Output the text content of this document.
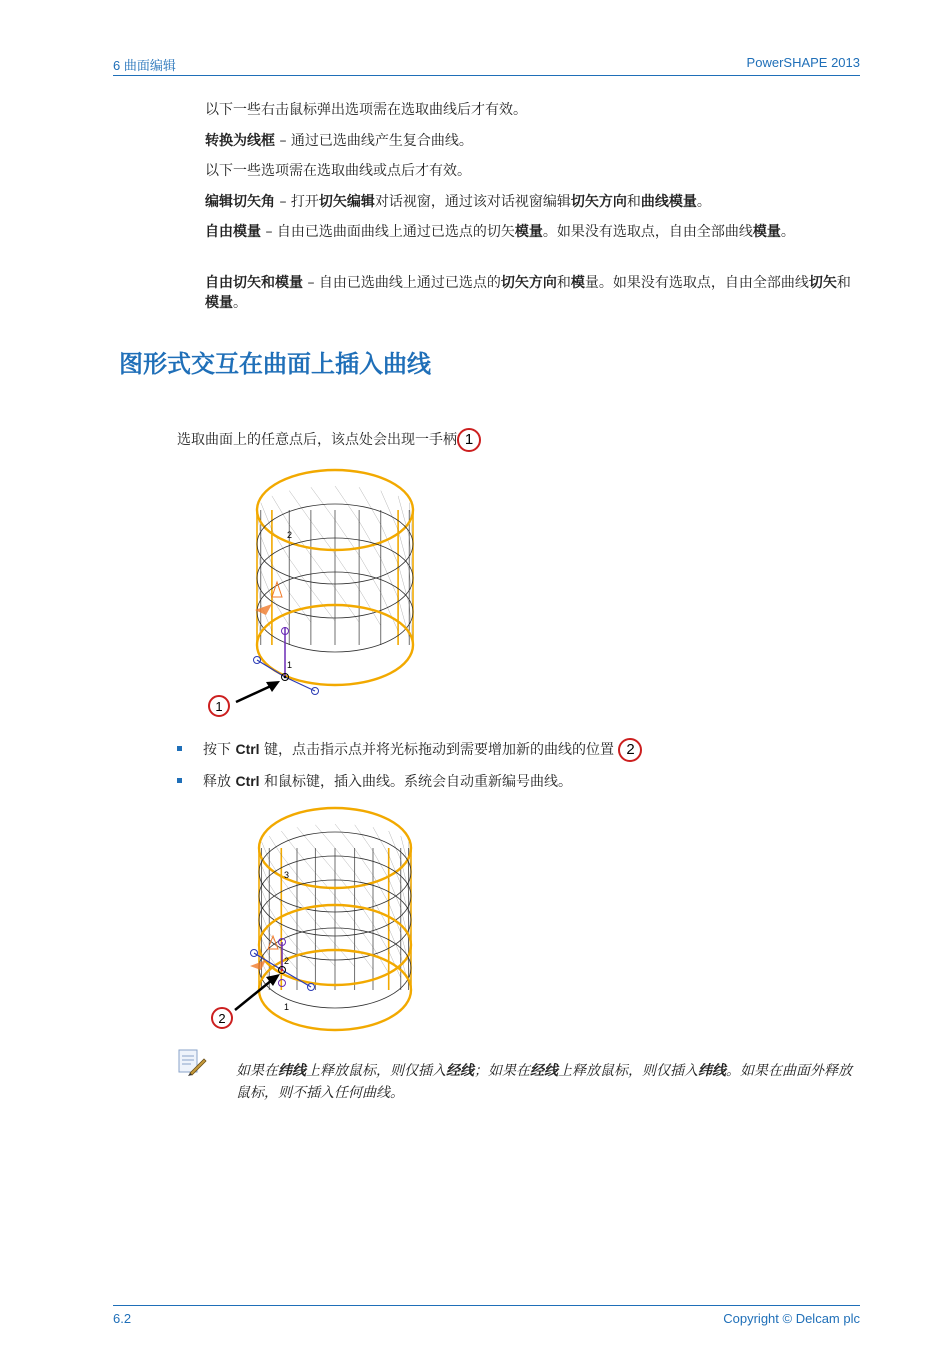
6 曲面编辑	PowerSHAPE 2013
以下一些右击鼠标弹出选项需在选取曲线后才有效。
转换为线框 – 通过已选曲线产生复合曲线。
以下一些选项需在选取曲线或点后才有效。
编辑切矢角 – 打开切矢编辑对话视窗，通过该对话视窗编辑切矢方向和曲线模量。
自由模量 – 自由已选曲面曲线上通过已选点的切矢模量。如果没有选取点，自由全部曲线模量。
自由切矢和模量 – 自由已选曲线上通过已选点的切矢方向和模量。如果没有选取点，自由全部曲线切矢和模量。
图形式交互在曲面上插入曲线
选取曲面上的任意点后，该点处会出现一手柄 1
2
1
1
按下 Ctrl 键，点击指示点并将光标拖动到需要增加新的曲线的位置 2
释放 Ctrl 和鼠标键，插入曲线。系统会自动重新编号曲线。
3
2
1
2
如果在纬线上释放鼠标，则仅插入经线；如果在经线上释放鼠标，则仅插入纬线。如果在曲面外释放鼠标，则不插入任何曲线。
6.2	Copyright © Delcam plc
